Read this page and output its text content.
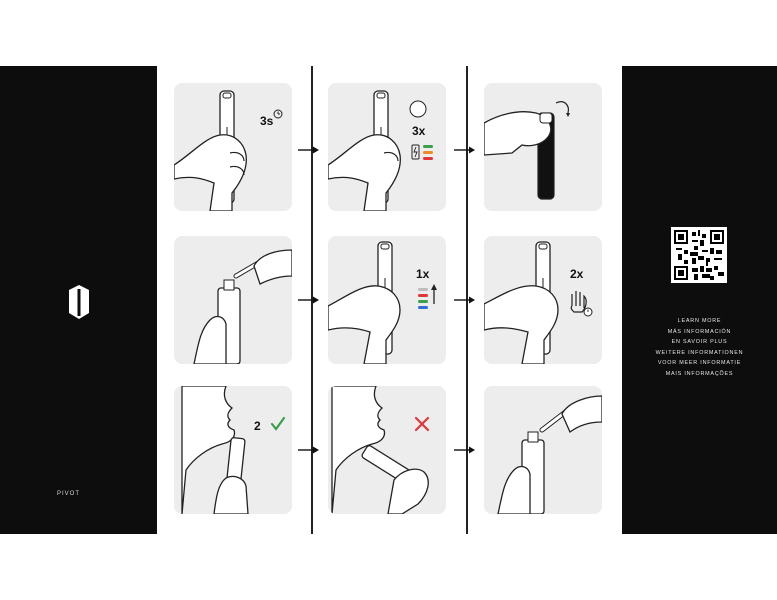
PIVOT
LEARN MORE
MÁS INFORMACIÓN
EN SAVOIR PLUS
WEITERE INFORMATIONEN
VOOR MEER INFORMATIE
MAIS INFORMAÇÕES
3s
3x
1x	2x
2
